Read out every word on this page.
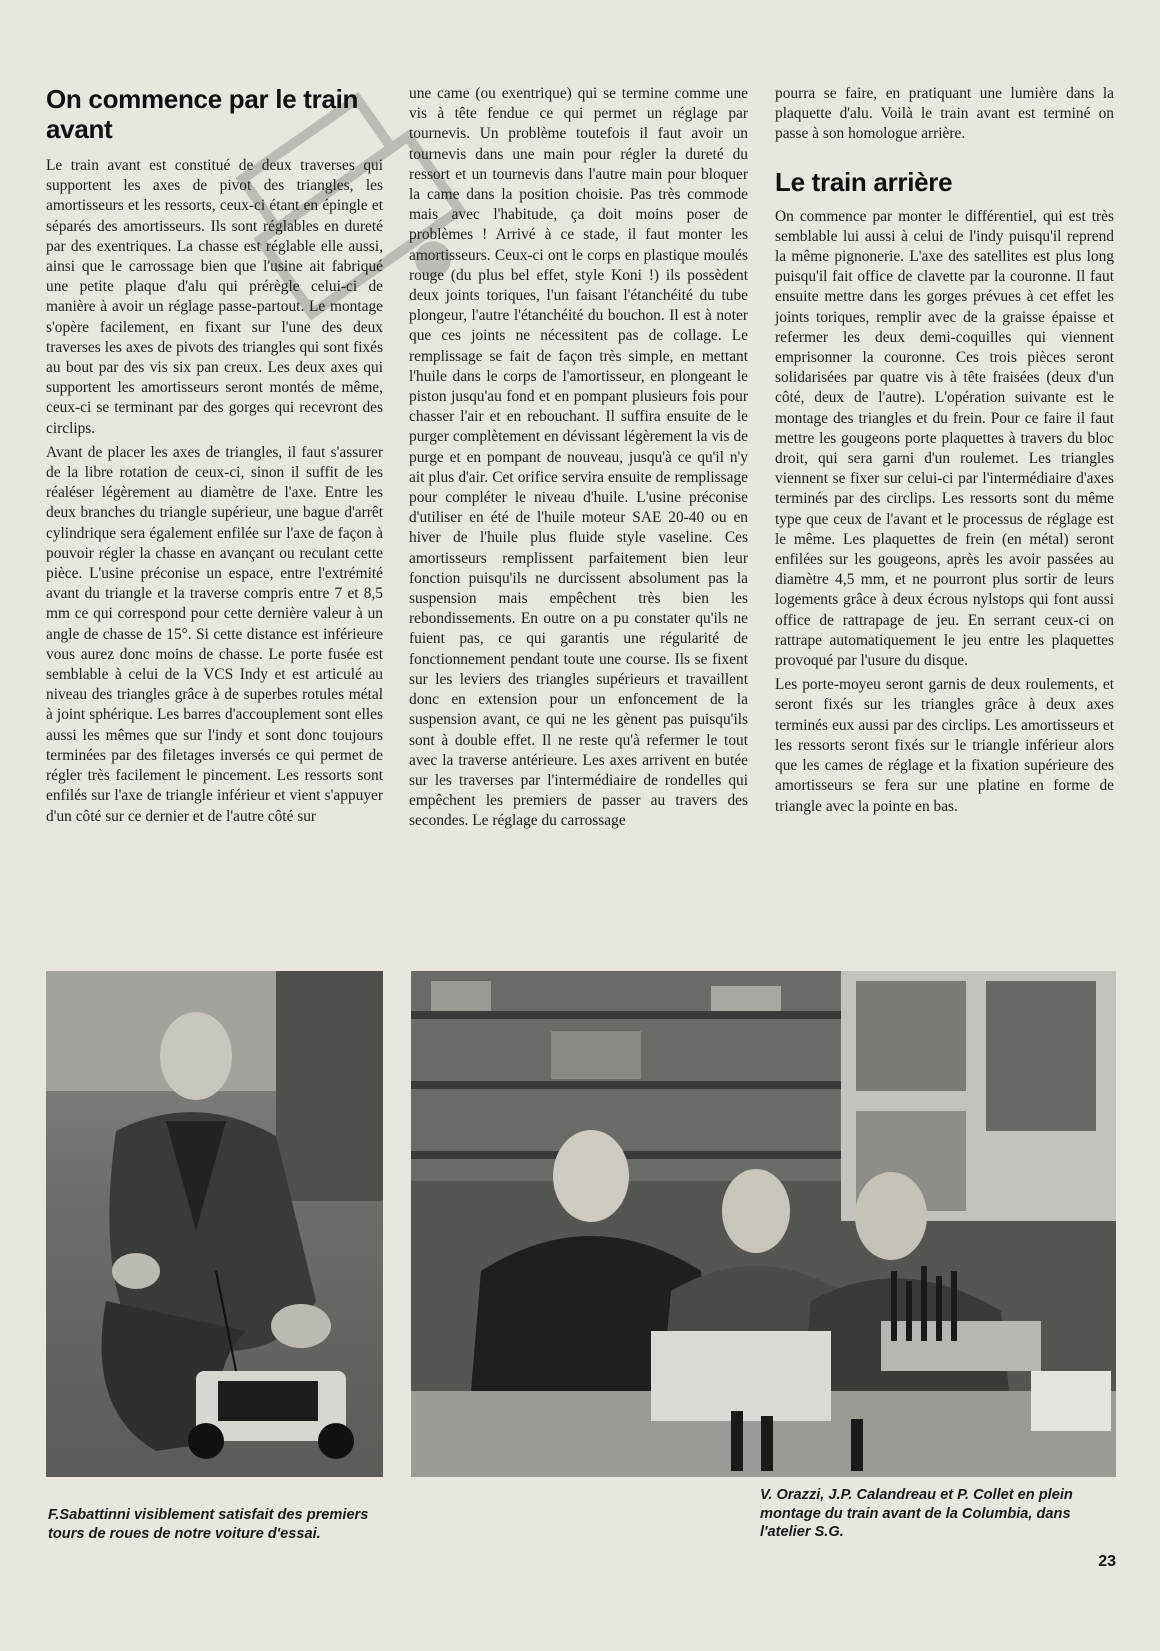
On commence par le train avant

Le train avant est constitué de deux traverses qui supportent les axes de pivot des triangles, les amortisseurs et les ressorts, ceux-ci étant en épingle et séparés des amortisseurs. Ils sont réglables en dureté par des exentriques. La chasse est réglable elle aussi, ainsi que le carrossage bien que l'usine ait fabriqué une petite plaque d'alu qui prérègle celui-ci de manière à avoir un réglage passe-partout. Le montage s'opère facilement, en fixant sur l'une des deux traverses les axes de pivots des triangles qui sont fixés au bout par des vis six pan creux. Les deux axes qui supportent les amortisseurs seront montés de même, ceux-ci se terminant par des gorges qui recevront des circlips.

Avant de placer les axes de triangles, il faut s'assurer de la libre rotation de ceux-ci, sinon il suffit de les réaléser légèrement au diamètre de l'axe. Entre les deux branches du triangle supérieur, une bague d'arrêt cylindrique sera également enfilée sur l'axe de façon à pouvoir régler la chasse en avançant ou reculant cette pièce. L'usine préconise un espace, entre l'extrémité avant du triangle et la traverse compris entre 7 et 8,5 mm ce qui correspond pour cette dernière valeur à un angle de chasse de 15°. Si cette distance est inférieure vous aurez donc moins de chasse. Le porte fusée est semblable à celui de la VCS Indy et est articulé au niveau des triangles grâce à de superbes rotules métal à joint sphérique. Les barres d'accouplement sont elles aussi les mêmes que sur l'indy et sont donc toujours terminées par des filetages inversés ce qui permet de régler très facilement le pincement. Les ressorts sont enfilés sur l'axe de triangle inférieur et vient s'appuyer d'un côté sur ce dernier et de l'autre côté sur

une came (ou exentrique) qui se termine comme une vis à tête fendue ce qui permet un réglage par tournevis. Un problème toutefois il faut avoir un tournevis dans une main pour régler la dureté du ressort et un tournevis dans l'autre main pour bloquer la came dans la position choisie. Pas très commode mais avec l'habitude, ça doit moins poser de problèmes ! Arrivé à ce stade, il faut monter les amortisseurs. Ceux-ci ont le corps en plastique moulés rouge (du plus bel effet, style Koni !) ils possèdent deux joints toriques, l'un faisant l'étanchéité du tube plongeur, l'autre l'étanchéité du bouchon. Il est à noter que ces joints ne nécessitent pas de collage. Le remplissage se fait de façon très simple, en mettant l'huile dans le corps de l'amortisseur, en plongeant le piston jusqu'au fond et en pompant plusieurs fois pour chasser l'air et en rebouchant. Il suffira ensuite de le purger complètement en dévissant légèrement la vis de purge et en pompant de nouveau, jusqu'à ce qu'il n'y ait plus d'air. Cet orifice servira ensuite de remplissage pour compléter le niveau d'huile. L'usine préconise d'utiliser en été de l'huile moteur SAE 20-40 ou en hiver de l'huile plus fluide style vaseline. Ces amortisseurs remplissent parfaitement bien leur fonction puisqu'ils ne durcissent absolument pas la suspension mais empêchent très bien les rebondissements. En outre on a pu constater qu'ils ne fuient pas, ce qui garantis une régularité de fonctionnement pendant toute une course. Ils se fixent sur les leviers des triangles supérieurs et travaillent donc en extension pour un enfoncement de la suspension avant, ce qui ne les gènent pas puisqu'ils sont à double effet. Il ne reste qu'à refermer le tout avec la traverse antérieure. Les axes arrivent en butée sur les traverses par l'intermédiaire de rondelles qui empêchent les premiers de passer au travers des secondes. Le réglage du carrossage

pourra se faire, en pratiquant une lumière dans la plaquette d'alu. Voilà le train avant est terminé on passe à son homologue arrière.

Le train arrière

On commence par monter le différentiel, qui est très semblable lui aussi à celui de l'indy puisqu'il reprend la même pignonerie. L'axe des satellites est plus long puisqu'il fait office de clavette par la couronne. Il faut ensuite mettre dans les gorges prévues à cet effet les joints toriques, remplir avec de la graisse épaisse et refermer les deux demi-coquilles qui viennent emprisonner la couronne. Ces trois pièces seront solidarisées par quatre vis à tête fraisées (deux d'un côté, deux de l'autre). L'opération suivante est le montage des triangles et du frein. Pour ce faire il faut mettre les gougeons porte plaquettes à travers du bloc droit, qui sera garni d'un roulemet. Les triangles viennent se fixer sur celui-ci par l'intermédiaire d'axes terminés par des circlips. Les ressorts sont du même type que ceux de l'avant et le processus de réglage est le même. Les plaquettes de frein (en métal) seront enfilées sur les gougeons, après les avoir passées au diamètre 4,5 mm, et ne pourront plus sortir de leurs logements grâce à deux écrous nylstops qui font aussi office de rattrapage de jeu. En serrant ceux-ci on rattrape automatiquement le jeu entre les plaquettes provoqué par l'usure du disque.

Les porte-moyeu seront garnis de deux roulements, et seront fixés sur les triangles grâce à deux axes terminés eux aussi par des circlips. Les amortisseurs et les ressorts seront fixés sur le triangle inférieur alors que les cames de réglage et la fixation supérieure des amortisseurs se fera sur une platine en forme de triangle avec la pointe en bas.

F.Sabattinni visiblement satisfait des premiers tours de roues de notre voiture d'essai.
V. Orazzi, J.P. Calandreau et P. Collet en plein montage du train avant de la Columbia, dans l'atelier S.G.
23
